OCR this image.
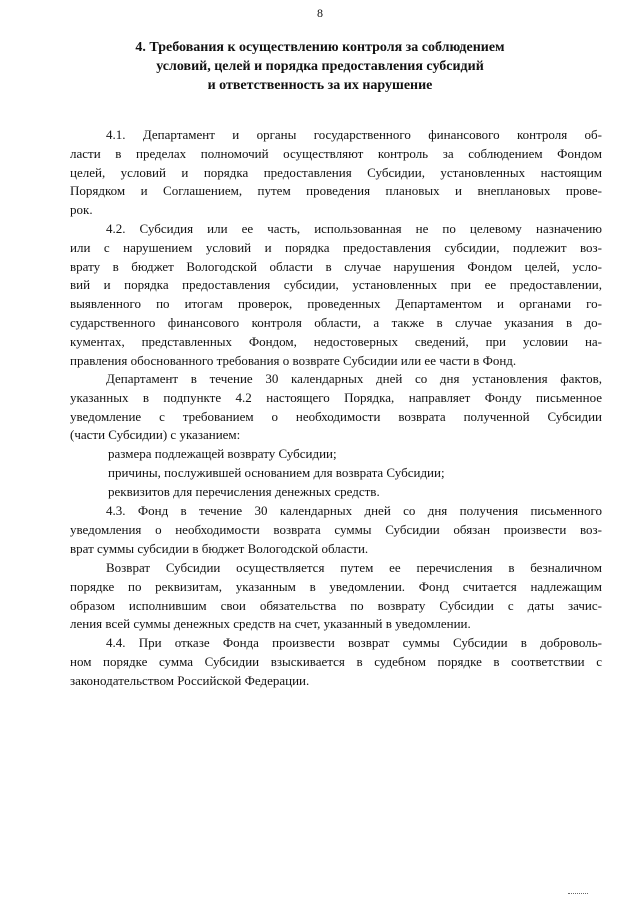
8
4. Требования к осуществлению контроля за соблюдением
условий, целей и порядка предоставления субсидий
и ответственность за их нарушение
4.1. Департамент и органы государственного финансового контроля об-
ласти в пределах полномочий осуществляют контроль за соблюдением Фондом
целей, условий и порядка предоставления Субсидии, установленных настоящим
Порядком и Соглашением, путем проведения плановых и внеплановых прове-
рок.
4.2. Субсидия или ее часть, использованная не по целевому назначению
или с нарушением условий и порядка предоставления субсидии, подлежит воз-
врату в бюджет Вологодской области в случае нарушения Фондом целей, усло-
вий и порядка предоставления субсидии, установленных при ее предоставлении,
выявленного по итогам проверок, проведенных Департаментом и органами го-
сударственного финансового контроля области, а также в случае указания в до-
кументах, представленных Фондом, недостоверных сведений, при условии на-
правления обоснованного требования о возврате Субсидии или ее части в Фонд.
Департамент в течение 30 календарных дней со дня установления фактов,
указанных в подпункте 4.2 настоящего Порядка, направляет Фонду письменное
уведомление с требованием о необходимости возврата полученной Субсидии
(части Субсидии) с указанием:
размера подлежащей возврату Субсидии;
причины, послужившей основанием для возврата Субсидии;
реквизитов для перечисления денежных средств.
4.3. Фонд в течение 30 календарных дней со дня получения письменного
уведомления о необходимости возврата суммы Субсидии обязан произвести воз-
врат суммы субсидии в бюджет Вологодской области.
Возврат Субсидии осуществляется путем ее перечисления в безналичном
порядке по реквизитам, указанным в уведомлении. Фонд считается надлежащим
образом исполнившим свои обязательства по возврату Субсидии с даты зачис-
ления всей суммы денежных средств на счет, указанный в уведомлении.
4.4. При отказе Фонда произвести возврат суммы Субсидии в доброволь-
ном порядке сумма Субсидии взыскивается в судебном порядке в соответствии с
законодательством Российской Федерации.
